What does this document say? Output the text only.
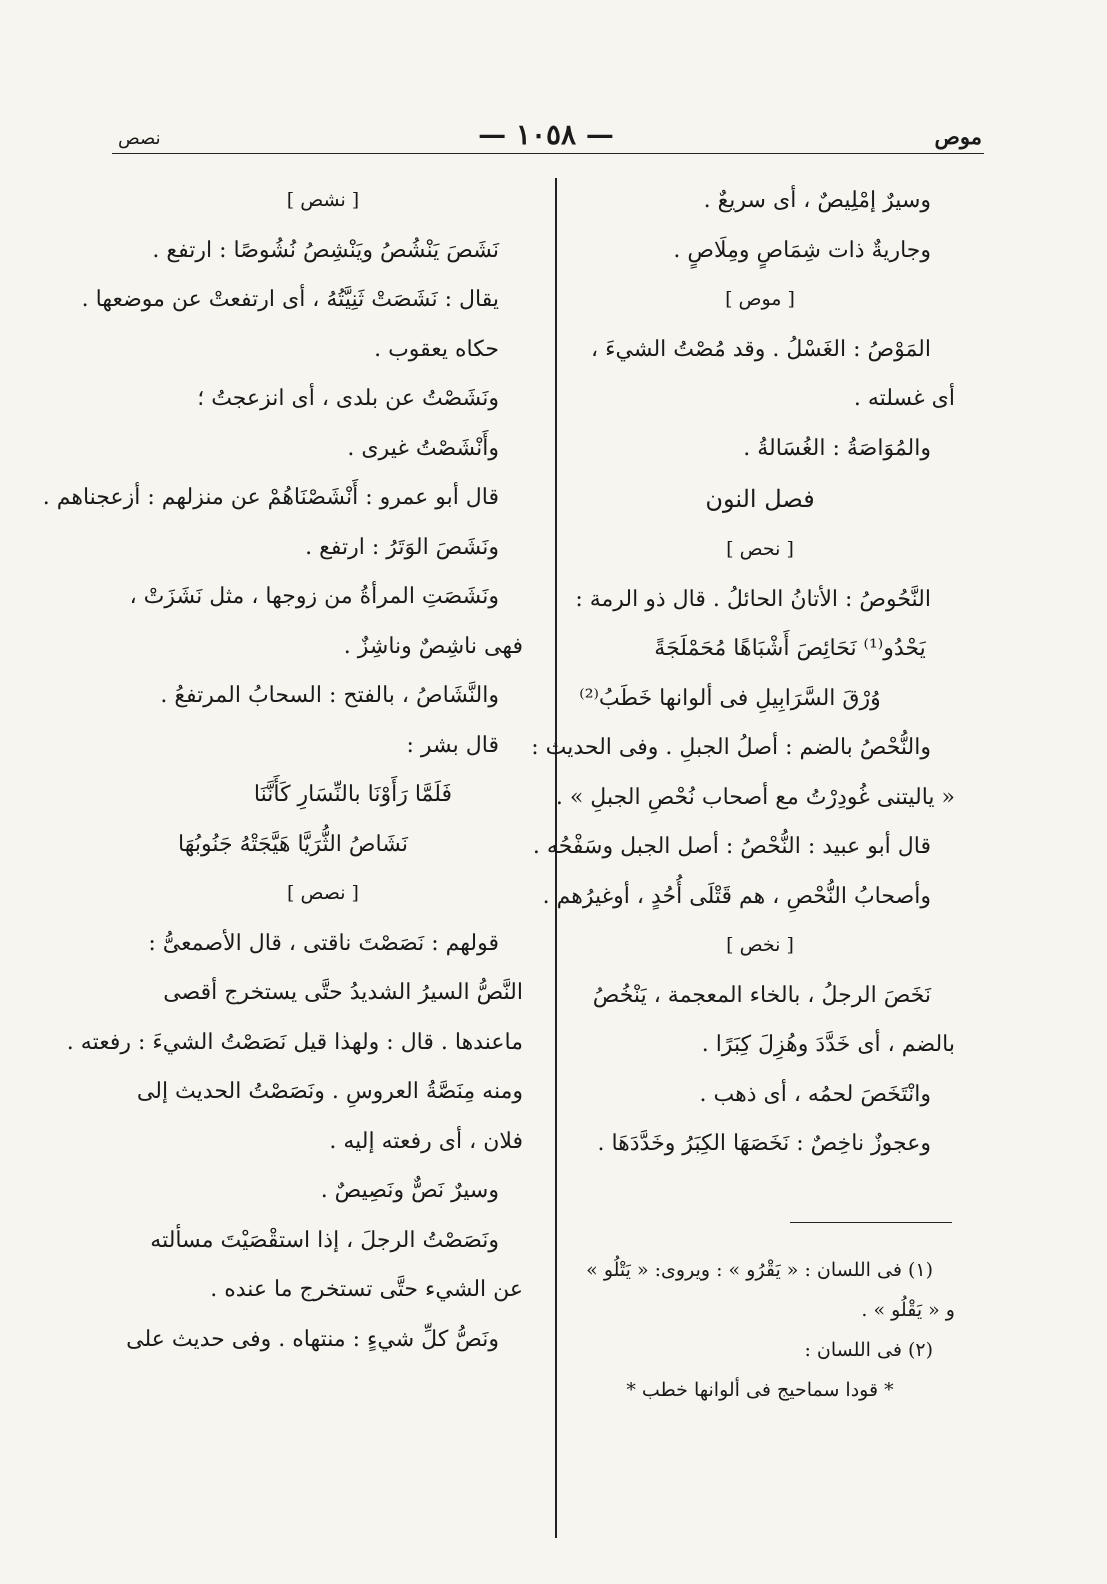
موص
— ١٠٥٨ —
نصص
وسيرٌ إمْلِيصٌ ، أى سريعٌ .
وجاريةٌ ذات شِمَاصٍ ومِلَاصٍ .
[ موص ]
المَوْصُ : الغَسْلُ . وقد مُصْتُ الشيءَ ،
أى غسلته .
والمُوَاصَةُ : الغُسَالةُ .
فصل النون
[ نحص ]
النَّحُوصُ : الأتانُ الحائلُ . قال ذو الرمة :
يَحْدُو⁽¹⁾ نَحَائِصَ أَشْبَاهًا مُحَمْلَجَةً
وُرْقَ السَّرَابِيلِ فى ألوانها خَطَبُ⁽²⁾
والنُّحْصُ بالضم : أصلُ الجبلِ . وفى الحديث :
« ياليتنى غُودِرْتُ مع أصحاب نُحْصِ الجبلِ » .
قال أبو عبيد : النُّحْصُ : أصل الجبل وسَفْحُه .
وأصحابُ النُّحْصِ ، هم قَتْلَى أُحُدٍ ، أوغيرُهم .
[ نخص ]
نَخَصَ الرجلُ ، بالخاء المعجمة ، يَنْخُصُ
بالضم ، أى خَدَّدَ وهُزِلَ كِبَرًا .
وانْتَخَصَ لحمُه ، أى ذهب .
وعجوزٌ ناخِصٌ : نَخَصَهَا الكِبَرُ وخَدَّدَهَا .
[ نشص ]
نَشَصَ يَنْشُصُ ويَنْشِصُ نُشُوصًا : ارتفع .
يقال : نَشَصَتْ ثَنِيَّتُهُ ، أى ارتفعتْ عن موضعها .
حكاه يعقوب .
ونَشَصْتُ عن بلدى ، أى انزعجتُ ؛
وأَنْشَصْتُ غيرى .
قال أبو عمرو : أَنْشَصْنَاهُمْ عن منزلهم : أزعجناهم .
ونَشَصَ الوَتَرُ : ارتفع .
ونَشَصَتِ المرأةُ من زوجها ، مثل نَشَزَتْ ،
فهى ناشِصٌ وناشِزٌ .
والنَّشَاصُ ، بالفتح : السحابُ المرتفعُ .
قال بشر :
فَلَمَّا رَأَوْنَا بالنِّسَارِ كَأَنَّنَا
نَشَاصُ الثُّرَيَّا هَيَّجَتْهُ جَنُوبُهَا
[ نصص ]
قولهم : نَصَصْتَ ناقتى ، قال الأصمعىُّ :
النَّصُّ السيرُ الشديدُ حتَّى يستخرج أقصى
ماعندها . قال : ولهذا قيل نَصَصْتُ الشيءَ : رفعته .
ومنه مِنَصَّةُ العروسِ . ونَصَصْتُ الحديث إلى
فلان ، أى رفعته إليه .
وسيرٌ نَصٌّ ونَصِيصٌ .
ونَصَصْتُ الرجلَ ، إذا استقْصَيْتَ مسألته
عن الشيء حتَّى تستخرج ما عنده .
ونَصُّ كلِّ شيءٍ : منتهاه . وفى حديث على
(١) فى اللسان : « يَقْرُو » : ويروى: « يَتْلُو »
و « يَقْلُو » .
(٢) فى اللسان :
* قودا سماحيج فى ألوانها خطب *
